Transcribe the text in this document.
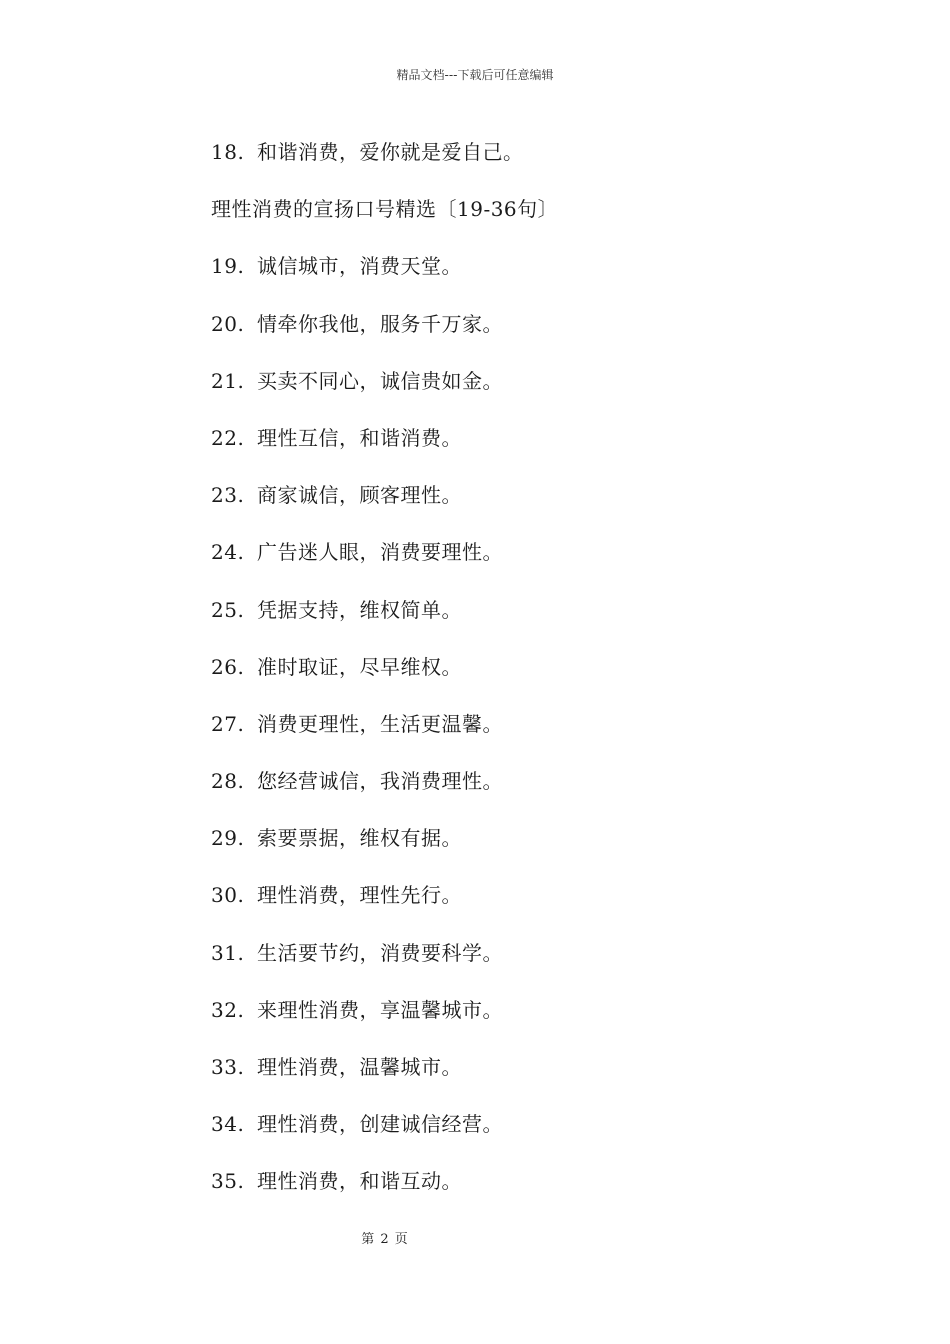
精品文档---下载后可任意编辑
18. 和谐消费，爱你就是爱自己。
理性消费的宣扬口号精选〔19-36句〕
19. 诚信城市，消费天堂。
20. 情牵你我他，服务千万家。
21. 买卖不同心，诚信贵如金。
22. 理性互信，和谐消费。
23. 商家诚信，顾客理性。
24. 广告迷人眼，消费要理性。
25. 凭据支持，维权简单。
26. 准时取证，尽早维权。
27. 消费更理性，生活更温馨。
28. 您经营诚信，我消费理性。
29. 索要票据，维权有据。
30. 理性消费，理性先行。
31. 生活要节约，消费要科学。
32. 来理性消费，享温馨城市。
33. 理性消费，温馨城市。
34. 理性消费，创建诚信经营。
35. 理性消费，和谐互动。
第 2 页
